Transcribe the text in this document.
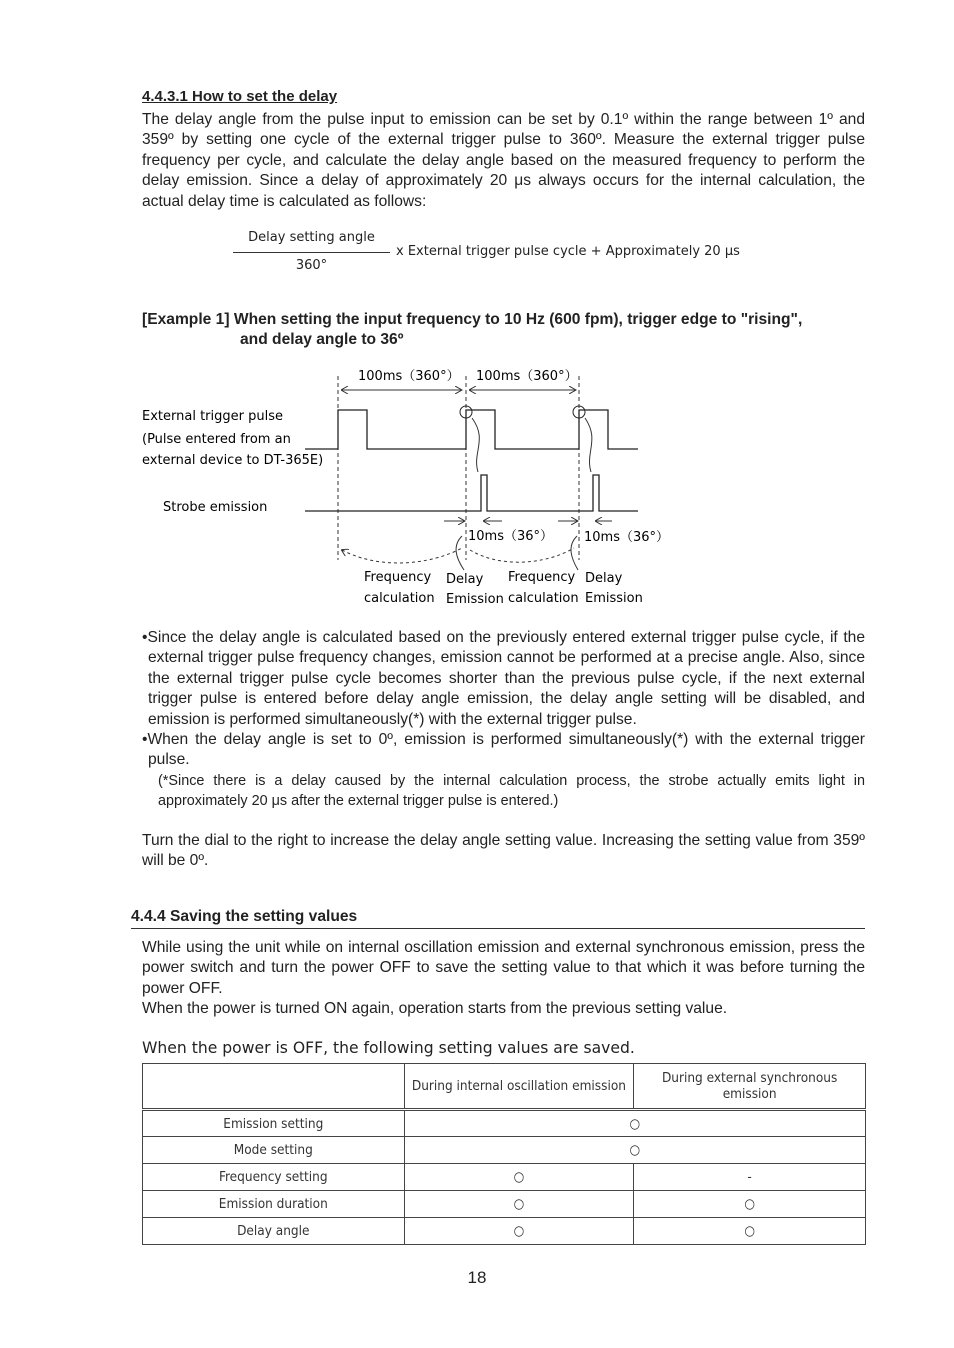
4.4.3.1 How to set the delay

The delay angle from the pulse input to emission can be set by 0.1º within the range between 1º and 359º by setting one cycle of the external trigger pulse to 360º. Measure the external trigger pulse frequency per cycle, and calculate the delay angle based on the measured frequency to perform the delay emission. Since a delay of approximately 20 μs always occurs for the internal calculation, the actual delay time is calculated as follows:

Delay setting angle
360°
x External trigger pulse cycle + Approximately 20 μs
[Example 1] When setting the input frequency to 10 Hz (600 fpm), trigger edge to "rising",
and delay angle to 36º
100ms（360°） 100ms（360°）
External trigger pulse
(Pulse entered from an
external device to DT-365E)
Strobe emission
10ms（36°） 10ms（36°）
Frequency
calculation
Delay
Emission
Frequency
calculation
Delay
Emission

•Since the delay angle is calculated based on the previously entered external trigger pulse cycle, if the external trigger pulse frequency changes, emission cannot be performed at a precise angle. Also, since the external trigger pulse cycle becomes shorter than the previous pulse cycle, if the next external trigger pulse is entered before delay angle emission, the delay angle setting will be disabled, and emission is performed simultaneously(*) with the external trigger pulse.

•When the delay angle is set to 0º, emission is performed simultaneously(*) with the external trigger pulse.

(*Since there is a delay caused by the internal calculation process, the strobe actually emits light in approximately 20 μs after the external trigger pulse is entered.)

Turn the dial to the right to increase the delay angle setting value. Increasing the setting value from 359º will be 0º.

4.4.4 Saving the setting values

While using the unit while on internal oscillation emission and external synchronous emission, press the power switch and turn the power OFF to save the setting value to that which it was before turning the power OFF.

When the power is turned ON again, operation starts from the previous setting value.

When the power is OFF, the following setting values are saved.
	During internal oscillation emission	During external synchronous emission
Emission setting	○	
Mode setting	○	
Frequency setting	○	-
Emission duration	○	○
Delay angle	○	○
18
